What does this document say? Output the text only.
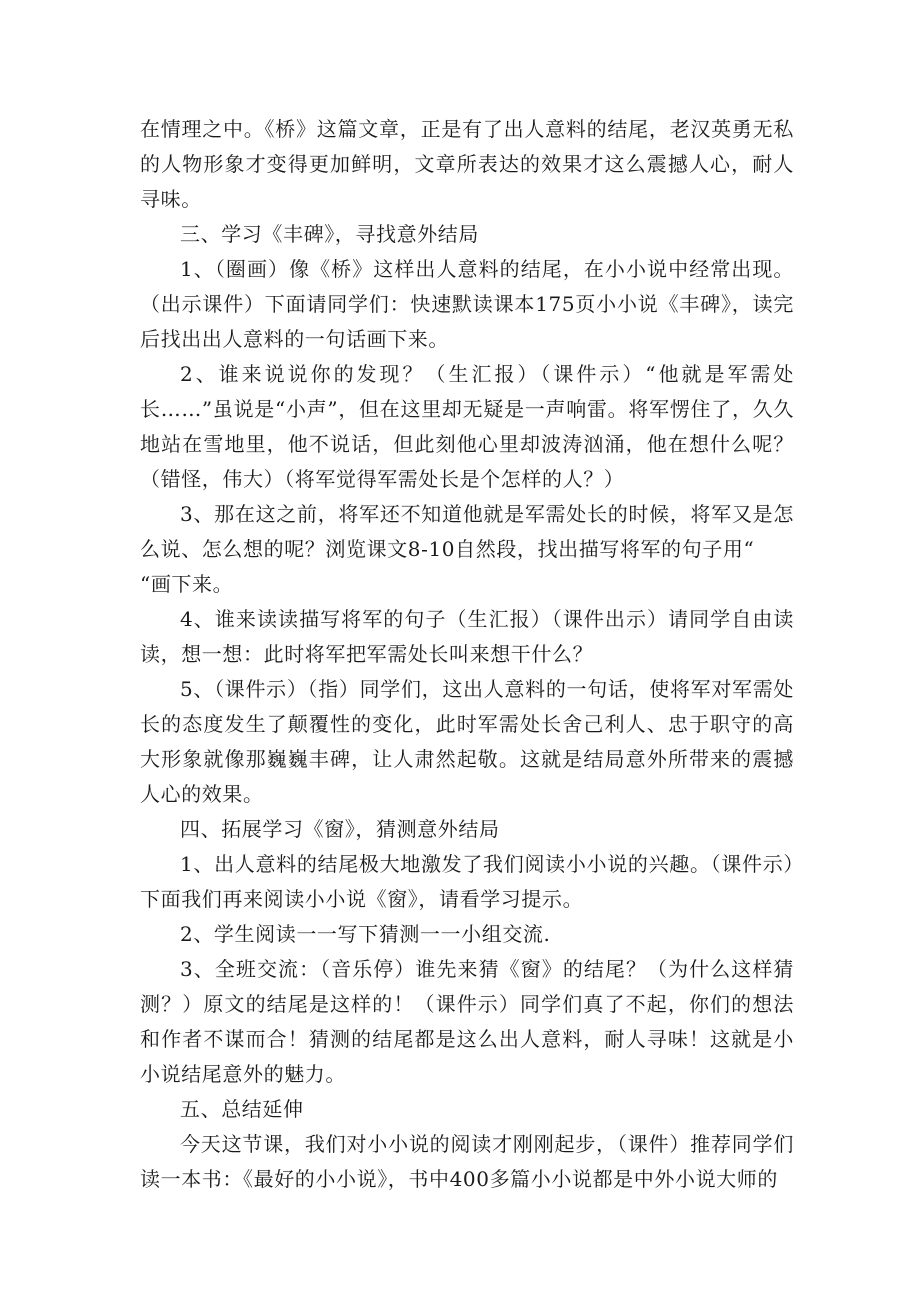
在情理之中。《桥》这篇文章，正是有了出人意料的结尾，老汉英勇无私的人物形象才变得更加鲜明，文章所表达的效果才这么震撼人心，耐人寻味。

三、学习《丰碑》，寻找意外结局

1、（圈画）像《桥》这样出人意料的结尾，在小小说中经常出现。（出示课件）下面请同学们：快速默读课本175页小小说《丰碑》，读完后找出出人意料的一句话画下来。

2、谁来说说你的发现？（生汇报）（课件示）“他就是军需处长……”虽说是“小声”，但在这里却无疑是一声响雷。将军愣住了，久久地站在雪地里，他不说话，但此刻他心里却波涛汹涌，他在想什么呢？（错怪，伟大）（将军觉得军需处长是个怎样的人？）

3、那在这之前，将军还不知道他就是军需处长的时候，将军又是怎么说、怎么想的呢？浏览课文8-10自然段，找出描写将军的句子用“

“画下来。

4、谁来读读描写将军的句子（生汇报）（课件出示）请同学自由读读，想一想：此时将军把军需处长叫来想干什么？

5、（课件示）（指）同学们，这出人意料的一句话，使将军对军需处长的态度发生了颠覆性的变化，此时军需处长舍己利人、忠于职守的高大形象就像那巍巍丰碑，让人肃然起敬。这就是结局意外所带来的震撼人心的效果。

四、拓展学习《窗》，猜测意外结局

1、出人意料的结尾极大地激发了我们阅读小小说的兴趣。（课件示）下面我们再来阅读小小说《窗》，请看学习提示。

2、学生阅读一一写下猜测一一小组交流.

3、全班交流：（音乐停）谁先来猜《窗》的结尾？（为什么这样猜测？）原文的结尾是这样的！（课件示）同学们真了不起，你们的想法和作者不谋而合！猜测的结尾都是这么出人意料，耐人寻味！这就是小小说结尾意外的魅力。

五、总结延伸

今天这节课，我们对小小说的阅读才刚刚起步，（课件）推荐同学们读一本书：《最好的小小说》，书中400多篇小小说都是中外小说大师的
